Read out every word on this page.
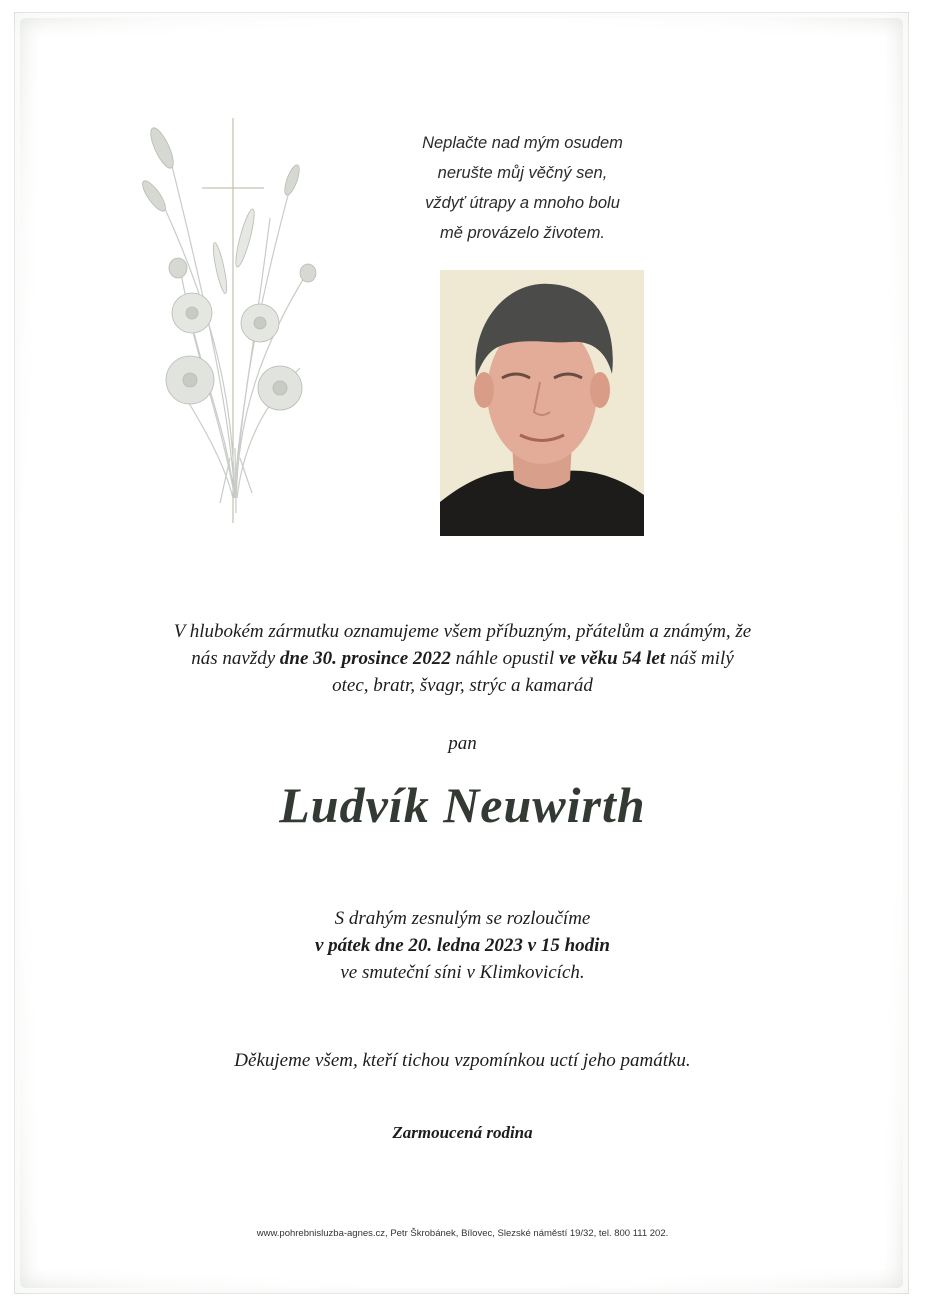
Neplačte nad mým osudem
nerušte můj věčný sen,
vždyť útrapy a mnoho bolu
mě provázelo životem.
V hlubokém zármutku oznamujeme všem příbuzným, přátelům a známým, že
nás navždy dne 30. prosince 2022 náhle opustil ve věku 54 let náš milý
otec, bratr, švagr, strýc a kamarád
pan
Ludvík Neuwirth
S drahým zesnulým se rozloučíme
v pátek dne 20. ledna 2023 v 15 hodin
ve smuteční síni v Klimkovicích.
Děkujeme všem, kteří tichou vzpomínkou uctí jeho památku.
Zarmoucená rodina
www.pohrebnisluzba-agnes.cz, Petr Škrobánek, Bílovec, Slezské náměstí 19/32, tel. 800 111 202.
